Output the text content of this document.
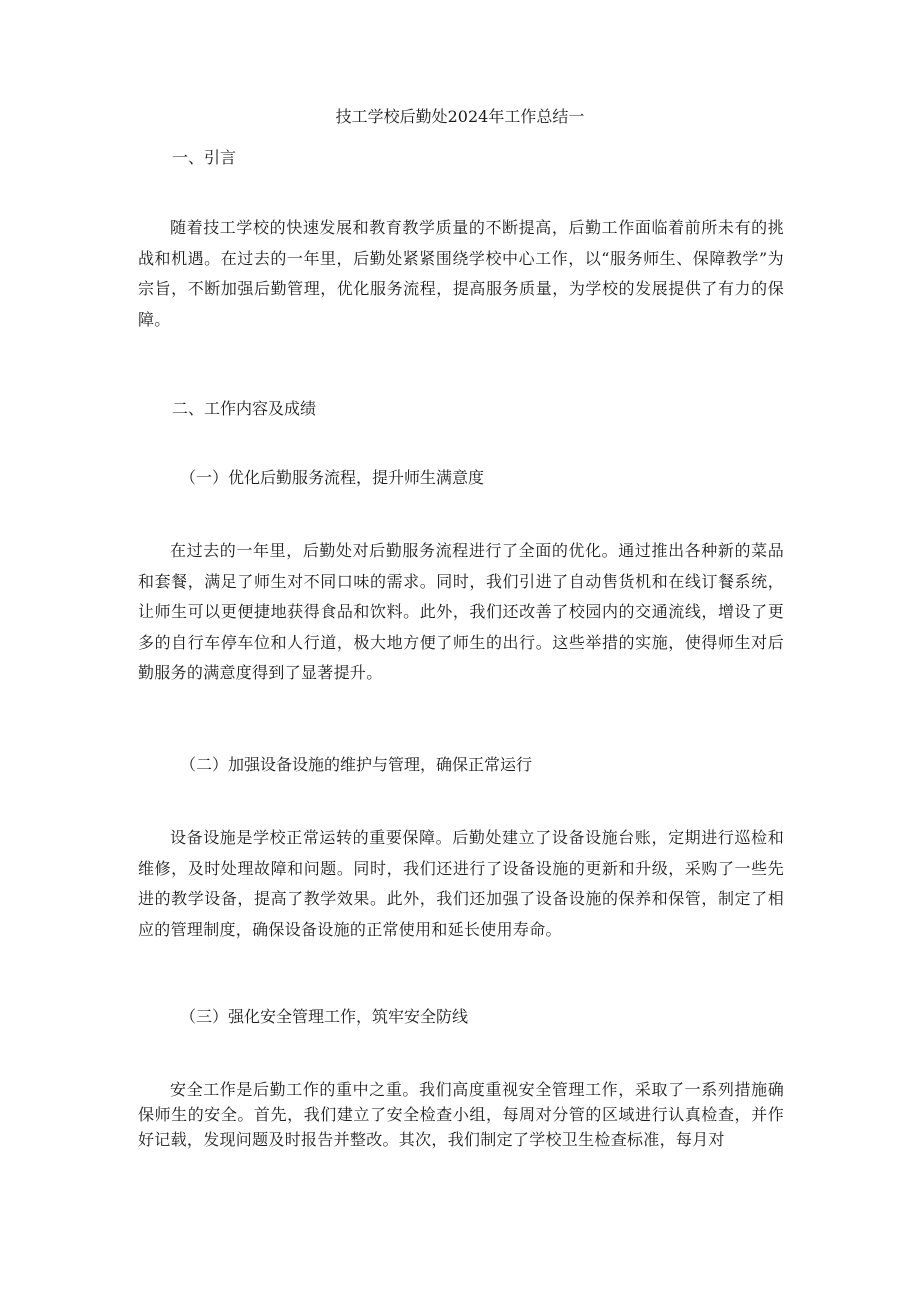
技工学校后勤处2024年工作总结一
一、引言

随着技工学校的快速发展和教育教学质量的不断提高，后勤工作面临着前所未有的挑战和机遇。在过去的一年里，后勤处紧紧围绕学校中心工作，以“服务师生、保障教学”为宗旨，不断加强后勤管理，优化服务流程，提高服务质量，为学校的发展提供了有力的保障。

二、工作内容及成绩
（一）优化后勤服务流程，提升师生满意度

在过去的一年里，后勤处对后勤服务流程进行了全面的优化。通过推出各种新的菜品和套餐，满足了师生对不同口味的需求。同时，我们引进了自动售货机和在线订餐系统，让师生可以更便捷地获得食品和饮料。此外，我们还改善了校园内的交通流线，增设了更多的自行车停车位和人行道，极大地方便了师生的出行。这些举措的实施，使得师生对后勤服务的满意度得到了显著提升。

（二）加强设备设施的维护与管理，确保正常运行

设备设施是学校正常运转的重要保障。后勤处建立了设备设施台账，定期进行巡检和维修，及时处理故障和问题。同时，我们还进行了设备设施的更新和升级，采购了一些先进的教学设备，提高了教学效果。此外，我们还加强了设备设施的保养和保管，制定了相应的管理制度，确保设备设施的正常使用和延长使用寿命。

（三）强化安全管理工作，筑牢安全防线

安全工作是后勤工作的重中之重。我们高度重视安全管理工作，采取了一系列措施确保师生的安全。首先，我们建立了安全检查小组，每周对分管的区域进行认真检查，并作好记载，发现问题及时报告并整改。其次，我们制定了学校卫生检查标准，每月对
